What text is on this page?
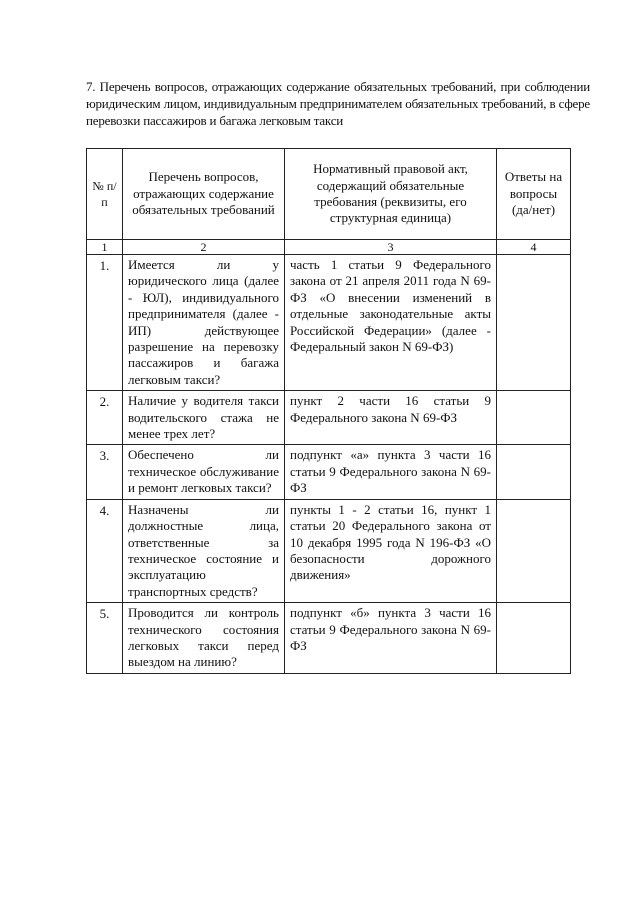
7. Перечень вопросов, отражающих содержание обязательных требований, при соблюдении юридическим лицом, индивидуальным предпринимателем обязательных требований, в сфере перевозки пассажиров и багажа легковым такси
№ п/п	Перечень вопросов, отражающих содержание обязательных требований	Нормативный правовой акт, содержащий обязательные требования (реквизиты, его структурная единица)	Ответы на вопросы (да/нет)
1	2	3	4
1.	Имеется ли у юридического лица (далее - ЮЛ), индивидуального предпринимателя (далее - ИП) действующее разрешение на перевозку пассажиров и багажа легковым такси?	часть 1 статьи 9 Федерального закона от 21 апреля 2011 года N 69-ФЗ «О внесении изменений в отдельные законодательные акты Российской Федерации» (далее - Федеральный закон N 69-ФЗ)	
2.	Наличие у водителя такси водительского стажа не менее трех лет?	пункт 2 части 16 статьи 9 Федерального закона N 69-ФЗ	
3.	Обеспечено ли техническое обслуживание и ремонт легковых такси?	подпункт «а» пункта 3 части 16 статьи 9 Федерального закона N 69-ФЗ	
4.	Назначены ли должностные лица, ответственные за техническое состояние и эксплуатацию транспортных средств?	пункты 1 - 2 статьи 16, пункт 1 статьи 20 Федерального закона от 10 декабря 1995 года N 196-ФЗ «О безопасности дорожного движения»	
5.	Проводится ли контроль технического состояния легковых такси перед выездом на линию?	подпункт «б» пункта 3 части 16 статьи 9 Федерального закона N 69-ФЗ	
